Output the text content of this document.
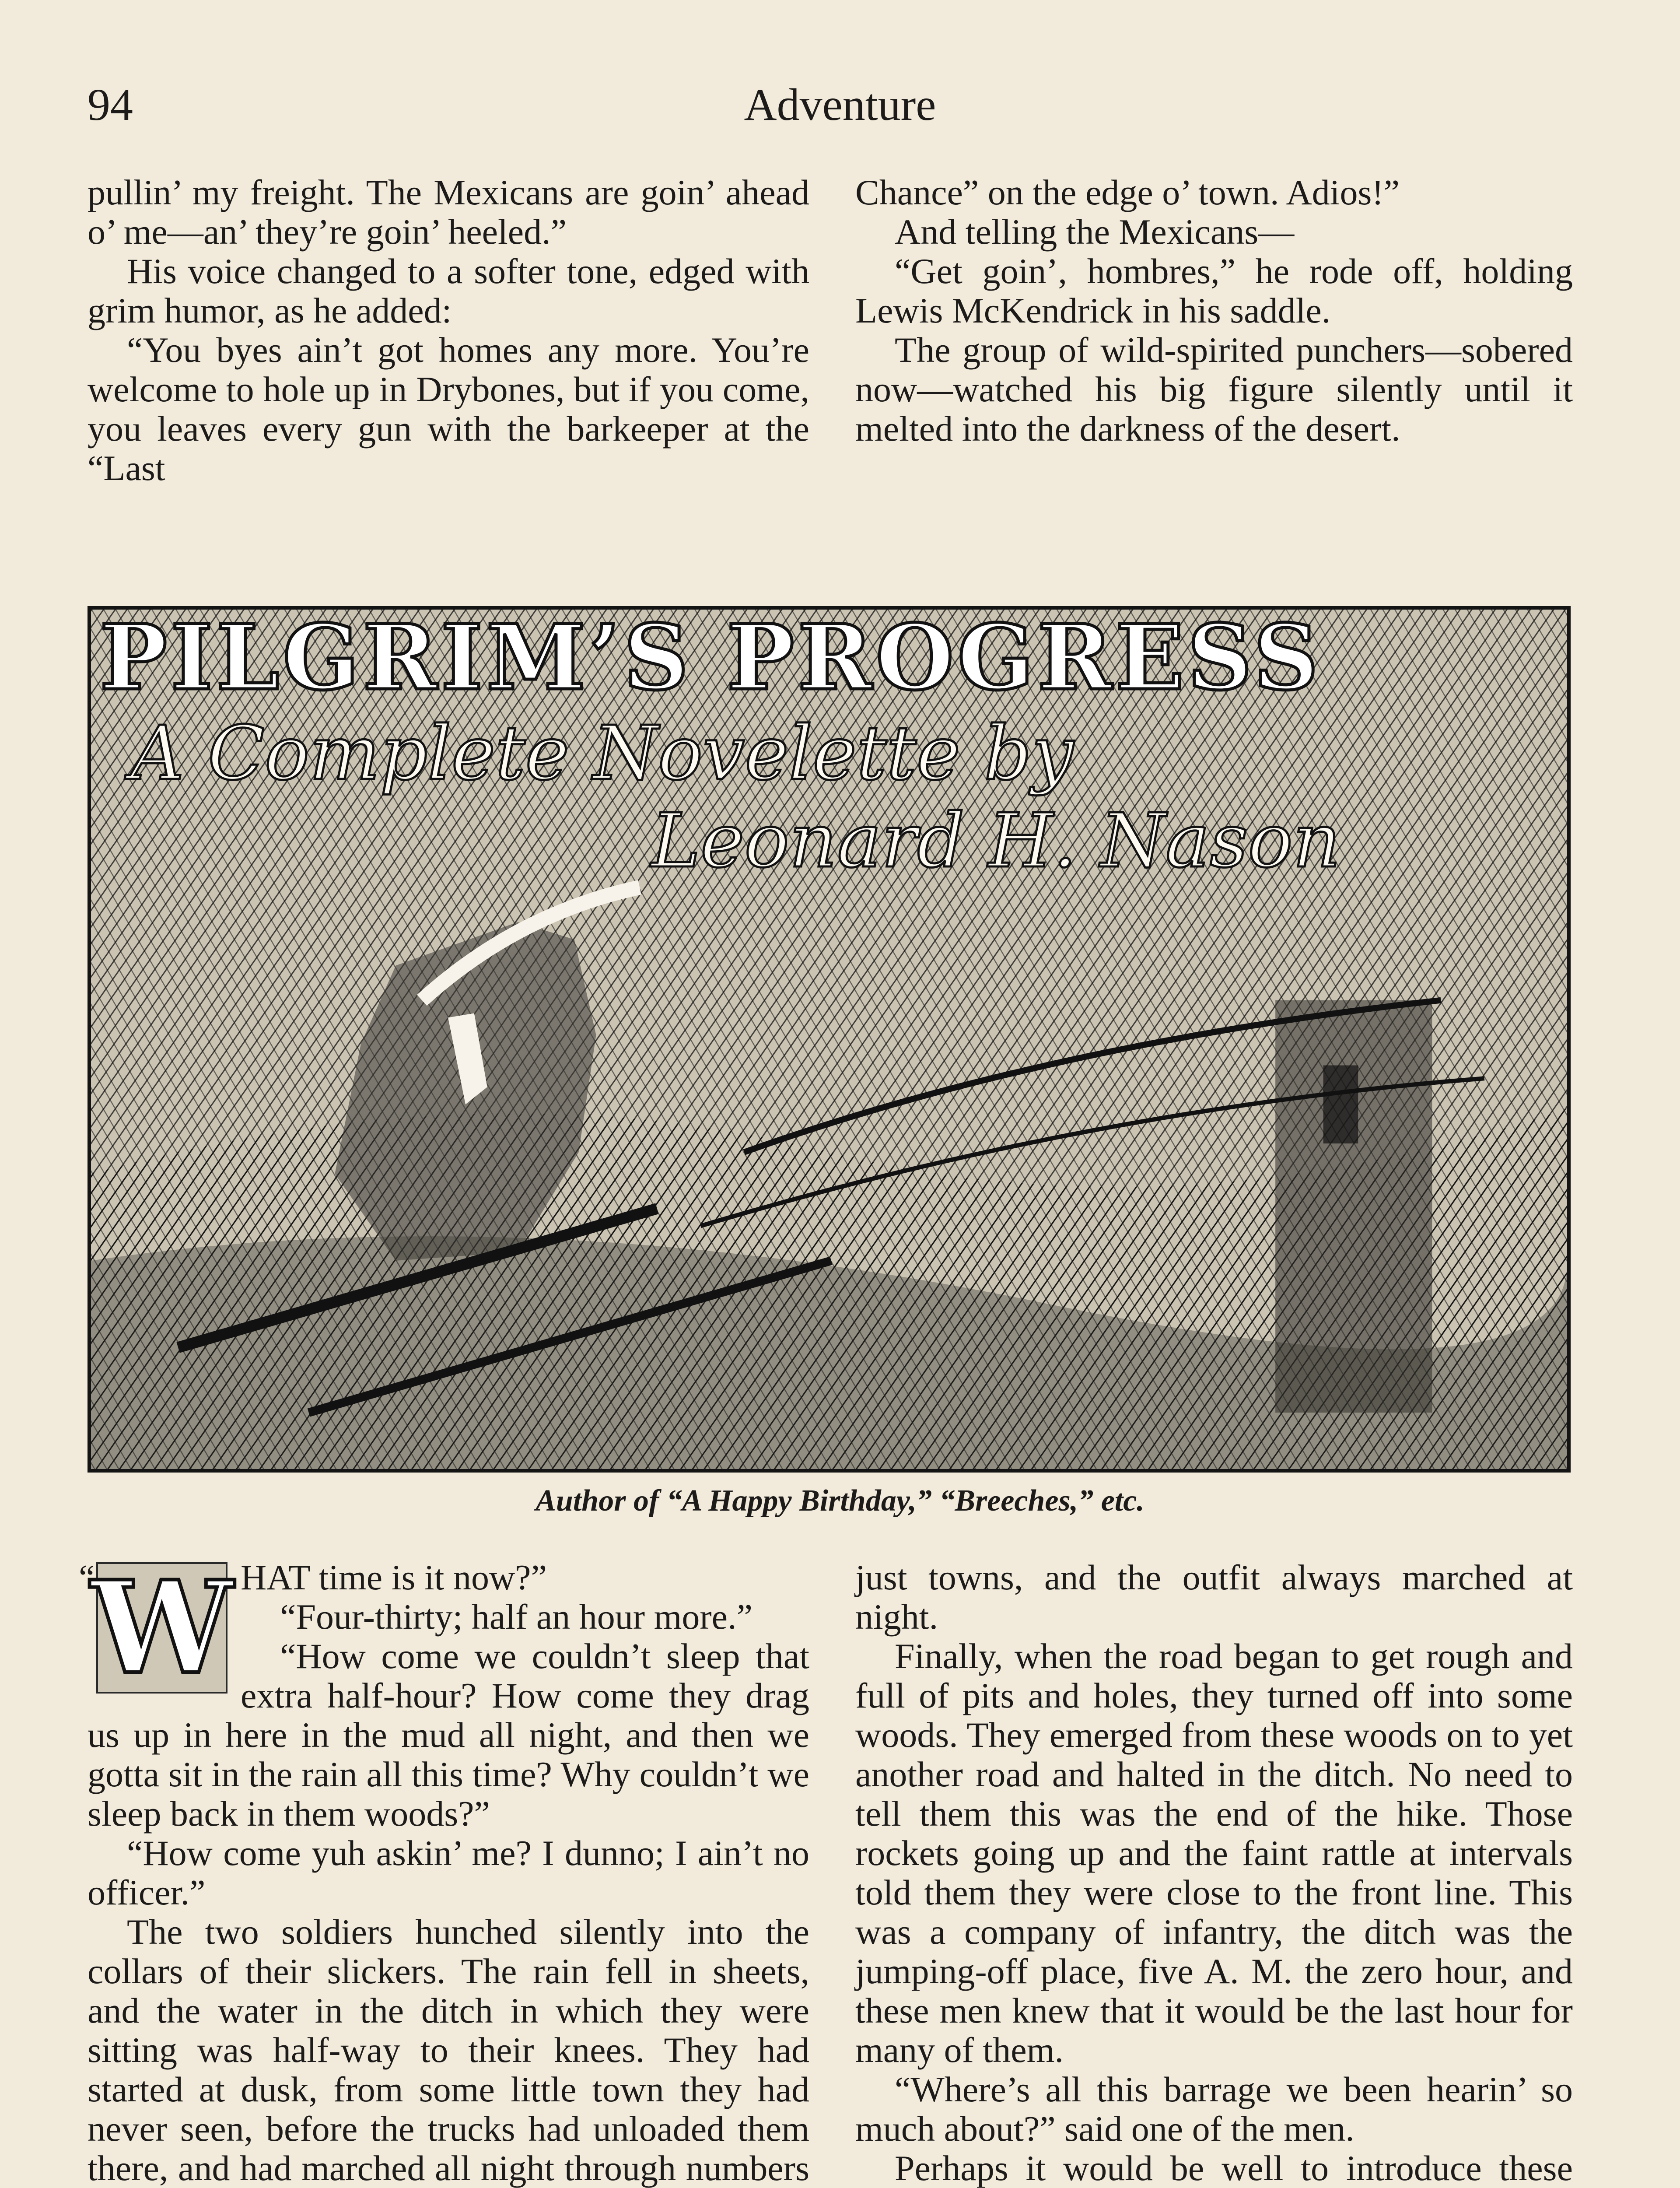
94	Adventure

pullin’ my freight. The Mexicans are goin’ ahead o’ me—an’ they’re goin’ heeled.”

His voice changed to a softer tone, edged with grim humor, as he added:

“You byes ain’t got homes any more. You’re welcome to hole up in Drybones, but if you come, you leaves every gun with the barkeeper at the “Last

Chance” on the edge o’ town. Adios!”

And telling the Mexicans—

“Get goin’, hombres,” he rode off, holding Lewis McKendrick in his saddle.

The group of wild-spirited punchers—sobered now—watched his big figure silently until it melted into the darkness of the desert.

PILGRIM’S PROGRESS
A Complete Novelette by
Leonard H. Nason
Author of “A Happy Birthday,” “Breeches,” etc.
“
W HAT time is it now?”

“Four-thirty; half an hour more.”

“How come we couldn’t sleep that extra half-hour? How come they drag us up in here in the mud all night, and then we gotta sit in the rain all this time? Why couldn’t we sleep back in them woods?”

“How come yuh askin’ me? I dunno; I ain’t no officer.”

The two soldiers hunched silently into the collars of their slickers. The rain fell in sheets, and the water in the ditch in which they were sitting was half-way to their knees. They had started at dusk, from some little town they had never seen, before the trucks had unloaded them there, and had marched all night through numbers

just towns, and the outfit always marched at night.

Finally, when the road began to get rough and full of pits and holes, they turned off into some woods. They emerged from these woods on to yet another road and halted in the ditch. No need to tell them this was the end of the hike. Those rockets going up and the faint rattle at intervals told them they were close to the front line. This was a company of infantry, the ditch was the jumping-off place, five A. M. the zero hour, and these men knew that it would be the last hour for many of them.

“Where’s all this barrage we been hearin’ so much about?” said one of the men.

Perhaps it would be well to introduce these
